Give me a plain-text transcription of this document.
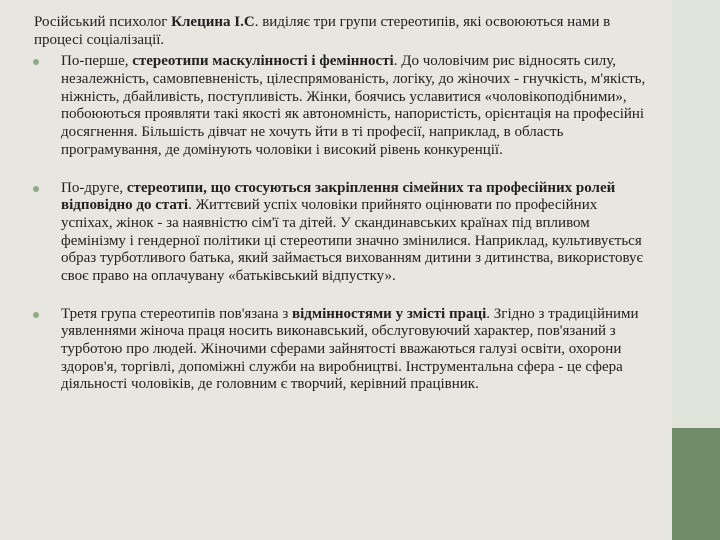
Російський психолог Клецина І.С. виділяє три групи стереотипів, які освоюються нами в процесі соціалізації.

По-перше, стереотипи маскулінності і фемінності. До чоловічим рис відносять силу, незалежність, самовпевненість, цілеспрямованість, логіку, до жіночих - гнучкість, м'якість, ніжність, дбайливість, поступливість. Жінки, боячись уславитися «чоловікоподібними», побоюються проявляти такі якості як автономність, напористість, орієнтація на професійні досягнення. Більшість дівчат не хочуть йти в ті професії, наприклад, в область програмування, де домінують чоловіки і високий рівень конкуренції.
По-друге, стереотипи, що стосуються закріплення сімейних та професійних ролей відповідно до статі. Життєвий успіх чоловіки прийнято оцінювати по професійних успіхах, жінок - за наявністю сім'ї та дітей. У скандинавських країнах під впливом фемінізму і гендерної політики ці стереотипи значно змінилися. Наприклад, культивується образ турботливого батька, який займається вихованням дитини з дитинства, використовує своє право на оплачувану «батьківський відпустку».
Третя група стереотипів пов'язана з відмінностями у змісті праці. Згідно з традиційними уявленнями жіноча праця носить виконавський, обслуговуючий характер, пов'язаний з турботою про людей. Жіночими сферами зайнятості вважаються галузі освіти, охорони здоров'я, торгівлі, допоміжні служби на виробництві. Інструментальна сфера - це сфера діяльності чоловіків, де головним є творчий, керівний працівник.
